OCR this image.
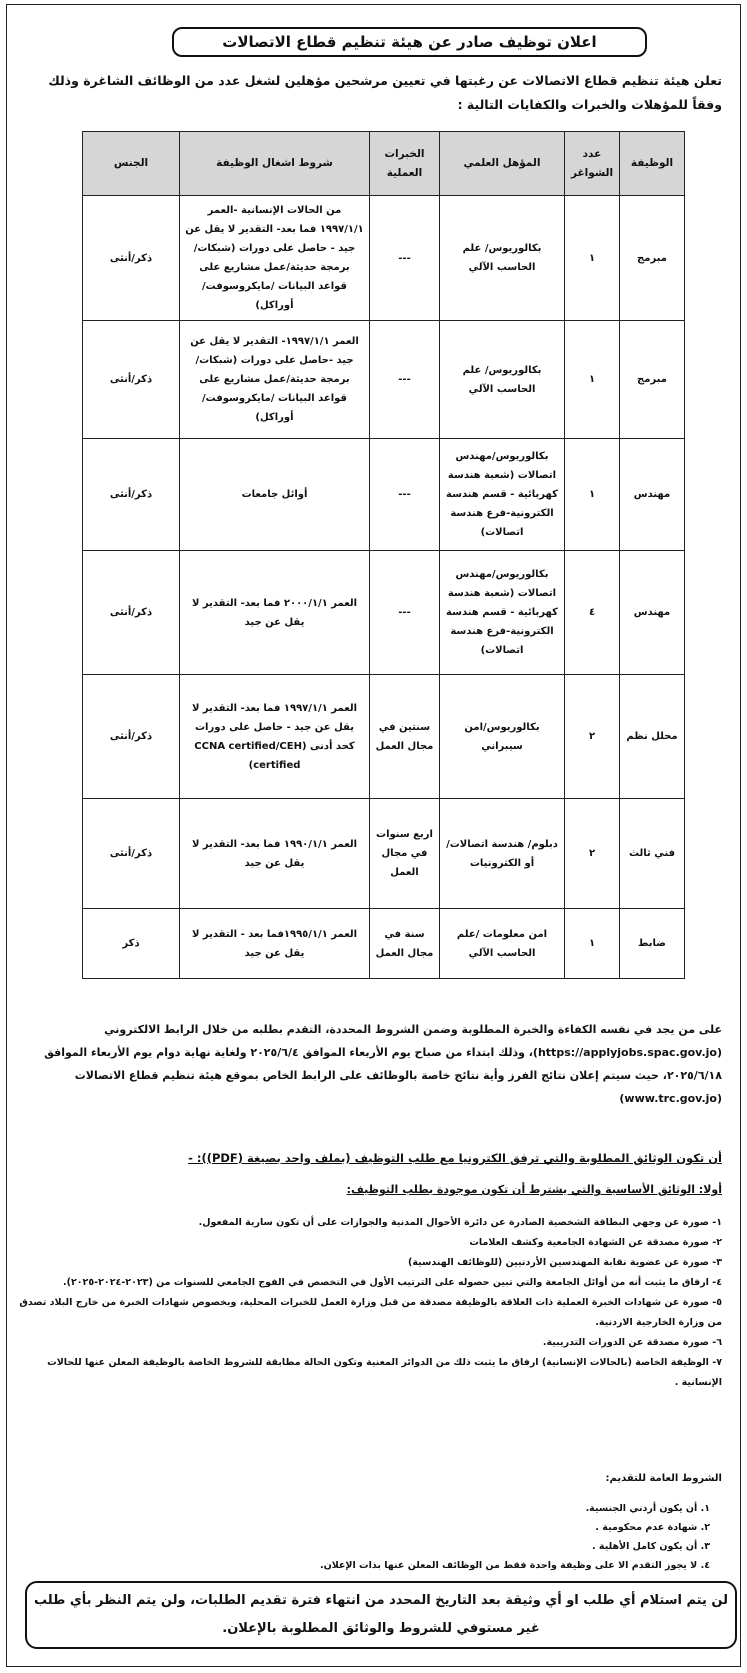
اعلان توظيف صادر عن هيئة تنظيم قطاع الاتصالات
تعلن هيئة تنظيم قطاع الاتصالات عن رغبتها في تعيين مرشحين مؤهلين لشغل عدد من الوظائف الشاغرة وذلك وفقاً للمؤهلات والخبرات والكفايات التالية :
الوظيفة	عدد الشواغر	المؤهل العلمي	الخبرات العملية	شروط اشغال الوظيفة	الجنس
مبرمج	١	بكالوريوس/ علم الحاسب الآلي	---	من الحالات الإنسانية -العمر ١٩٩٧/١/١ فما بعد- التقدير لا يقل عن جيد - حاصل على دورات (شبكات/برمجة حديثة/عمل مشاريع على قواعد البيانات /مايكروسوفت/أوراكل)	ذكر/أنثى
مبرمج	١	بكالوريوس/ علم الحاسب الآلي	---	العمر ١٩٩٧/١/١- التقدير لا يقل عن جيد -حاصل على دورات (شبكات/برمجة حديثة/عمل مشاريع على قواعد البيانات /مايكروسوفت/أوراكل)	ذكر/أنثى
مهندس	١	بكالوريوس/مهندس اتصالات (شعبة هندسة كهربائية - قسم هندسة الكترونية-فرع هندسة اتصالات)	---	أوائل جامعات	ذكر/أنثى
مهندس	٤	بكالوريوس/مهندس اتصالات (شعبة هندسة كهربائية - قسم هندسة الكترونية-فرع هندسة اتصالات)	---	العمر ٢٠٠٠/١/١ فما بعد- التقدير لا يقل عن جيد	ذكر/أنثى
محلل نظم	٢	بكالوريوس/امن سيبراني	سنتين في مجال العمل	العمر ١٩٩٧/١/١ فما بعد- التقدير لا يقل عن جيد - حاصل على دورات كحد أدنى (CCNA certified/CEH certified)	ذكر/أنثى
فني ثالث	٢	دبلوم/ هندسة اتصالات/ أو الكترونيات	اربع سنوات في مجال العمل	العمر ١٩٩٠/١/١ فما بعد- التقدير لا يقل عن جيد	ذكر/أنثى
ضابط	١	امن معلومات /علم الحاسب الآلي	سنة في مجال العمل	العمر ١٩٩٥/١/١فما بعد - التقدير لا يقل عن جيد	ذكر
على من يجد في نفسه الكفاءة والخبرة المطلوبة وضمن الشروط المحددة، التقدم بطلبه من خلال الرابط الالكتروني (https://applyjobs.spac.gov.jo)، وذلك ابتداء من صباح يوم الأربعاء الموافق ٢٠٢٥/٦/٤ ولغاية نهاية دوام يوم الأربعاء الموافق ٢٠٢٥/٦/١٨، حيث سيتم إعلان نتائج الفرز وأية نتائج خاصة بالوظائف على الرابط الخاص بموقع هيئة تنظيم قطاع الاتصالات (www.trc.gov.jo)
أن تكون الوثائق المطلوبة والتي ترفق الكترونيا مع طلب التوظيف (بملف واحد بصيغة (PDF)): -
أولا: الوثائق الأساسية والتي يشترط أن تكون موجودة بطلب التوظيف:
١- صورة عن وجهي البطاقة الشخصية الصادرة عن دائرة الأحوال المدنية والجوازات على أن تكون سارية المفعول.
٢- صورة مصدقة عن الشهادة الجامعية وكشف العلامات
٣- صورة عن عضوية نقابة المهندسين الأردنيين (للوظائف الهندسية)
٤- ارفاق ما يثبت أنه من أوائل الجامعة والتي تبين حصوله على الترتيب الأول في التخصص في الفوج الجامعي للسنوات من (٢٠٢٣-٢٠٢٤-٢٠٢٥).
٥- صورة عن شهادات الخبرة العملية ذات العلاقة بالوظيفة مصدقة من قبل وزارة العمل للخبرات المحلية، وبخصوص شهادات الخبرة من خارج البلاد تصدق من وزارة الخارجية الاردنية.
٦- صورة مصدقة عن الدورات التدريبية.
٧- الوظيفة الخاصة (بالحالات الإنسانية) ارفاق ما يثبت ذلك من الدوائر المعنية وتكون الحالة مطابقة للشروط الخاصة بالوظيفة المعلن عنها للحالات الإنسانية .
الشروط العامة للتقديم:
١. أن يكون أردني الجنسية.
٢. شهادة عدم محكومية .
٣. أن يكون كامل الأهلية .
٤. لا يجوز التقدم الا على وظيفة واحدة فقط من الوظائف المعلن عنها بذات الإعلان.
لن يتم استلام أي طلب او أي وثيقة بعد التاريخ المحدد من انتهاء فترة تقديم الطلبات، ولن يتم النظر بأي طلب غير مستوفي للشروط والوثائق المطلوبة بالإعلان.
